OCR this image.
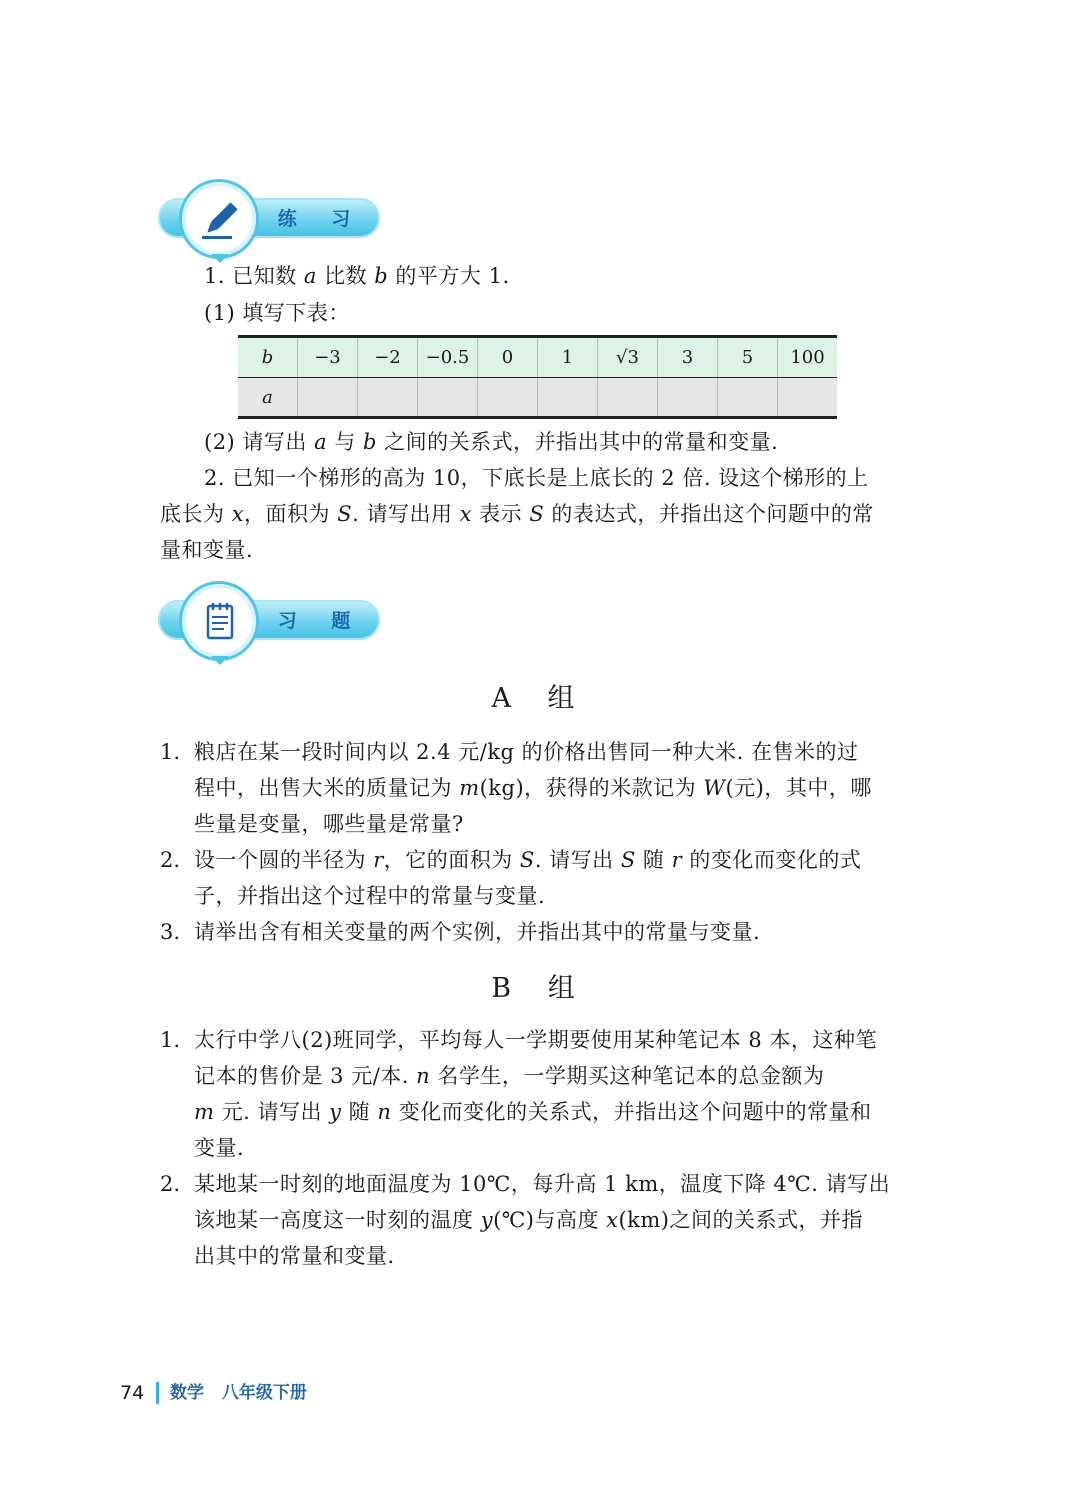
练 习

1. 已知数 a 比数 b 的平方大 1.

(1) 填写下表：

b	−3	−2	−0.5	0	1	√3	3	5	100
a									

(2) 请写出 a 与 b 之间的关系式，并指出其中的常量和变量.

2. 已知一个梯形的高为 10，下底长是上底长的 2 倍. 设这个梯形的上

底长为 x，面积为 S. 请写出用 x 表示 S 的表达式，并指出这个问题中的常

量和变量.

习 题
A 组
1. 粮店在某一段时间内以 2.4 元/kg 的价格出售同一种大米. 在售米的过

程中，出售大米的质量记为 m(kg)，获得的米款记为 W(元)，其中，哪

些量是变量，哪些量是常量?

2. 设一个圆的半径为 r，它的面积为 S. 请写出 S 随 r 的变化而变化的式

子，并指出这个过程中的常量与变量.

3. 请举出含有相关变量的两个实例，并指出其中的常量与变量.

B 组
1. 太行中学八(2)班同学，平均每人一学期要使用某种笔记本 8 本，这种笔

记本的售价是 3 元/本. n 名学生，一学期买这种笔记本的总金额为

m 元. 请写出 y 随 n 变化而变化的关系式，并指出这个问题中的常量和

变量.

2. 某地某一时刻的地面温度为 10℃，每升高 1 km，温度下降 4℃. 请写出

该地某一高度这一时刻的温度 y(℃)与高度 x(km)之间的关系式，并指

出其中的常量和变量.

74 数学 八年级下册
